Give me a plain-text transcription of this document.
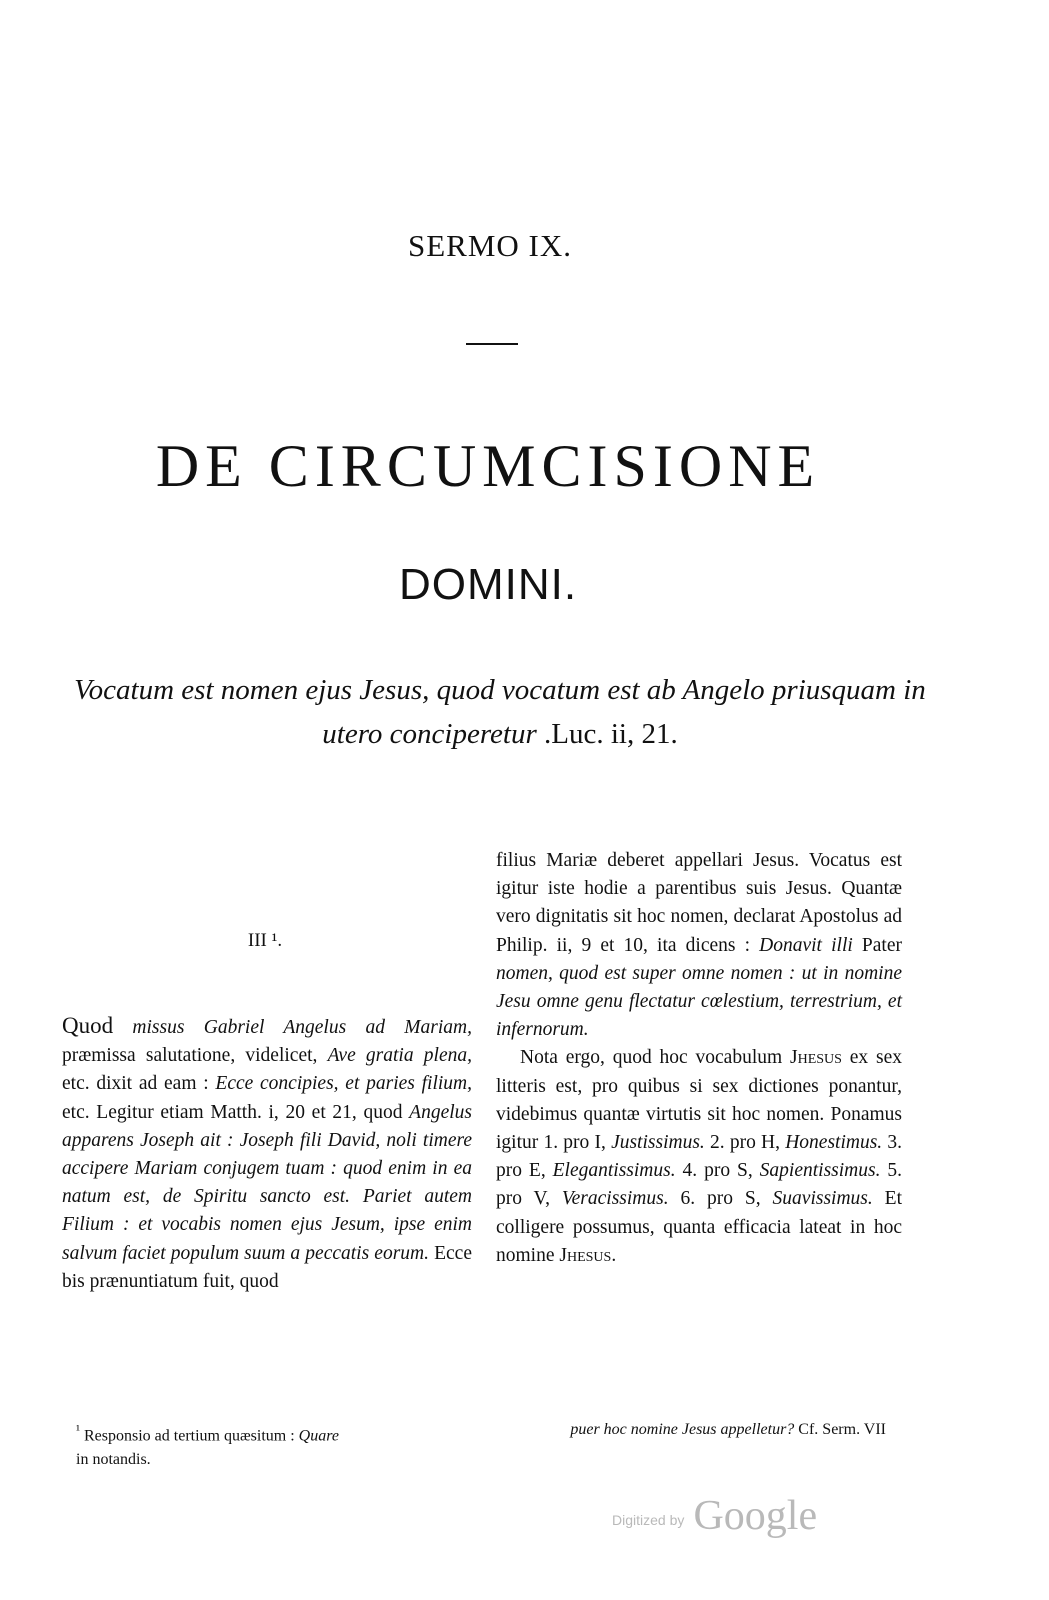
SERMO IX.
DE CIRCUMCISIONE
DOMINI.
Vocatum est nomen ejus Jesus, quod vocatum est ab Angelo priusquam in utero conciperetur .Luc. ii, 21.
III ¹.

Quod missus Gabriel Angelus ad Mariam, præmissa salutatione, videlicet, Ave gratia plena, etc. dixit ad eam : Ecce concipies, et paries filium, etc. Legitur etiam Matth. i, 20 et 21, quod Angelus apparens Joseph ait : Joseph fili David, noli timere accipere Mariam conjugem tuam : quod enim in ea natum est, de Spiritu sancto est. Pariet autem Filium : et vocabis nomen ejus Jesum, ipse enim salvum faciet populum suum a peccatis eorum. Ecce bis prænuntiatum fuit, quod

filius Mariæ deberet appellari Jesus. Vocatus est igitur iste hodie a parentibus suis Jesus. Quantæ vero dignitatis sit hoc nomen, declarat Apostolus ad Philip. ii, 9 et 10, ita dicens : Donavit illi Pater nomen, quod est super omne nomen : ut in nomine Jesu omne genu flectatur cœlestium, terrestrium, et infernorum.

Nota ergo, quod hoc vocabulum Jhesus ex sex litteris est, pro quibus si sex dictiones ponantur, videbimus quantæ virtutis sit hoc nomen. Ponamus igitur 1. pro I, Justissimus. 2. pro H, Honestimus. 3. pro E, Elegantissimus. 4. pro S, Sapientissimus. 5. pro V, Veracissimus. 6. pro S, Suavissimus. Et colligere possumus, quanta efficacia lateat in hoc nomine Jhesus.

$^{^1}$ Responsio ad tertium quæsitum : Quare
in notandis.puer hoc nomine Jesus appelletur? Cf. Serm. VII
Digitized by Google
